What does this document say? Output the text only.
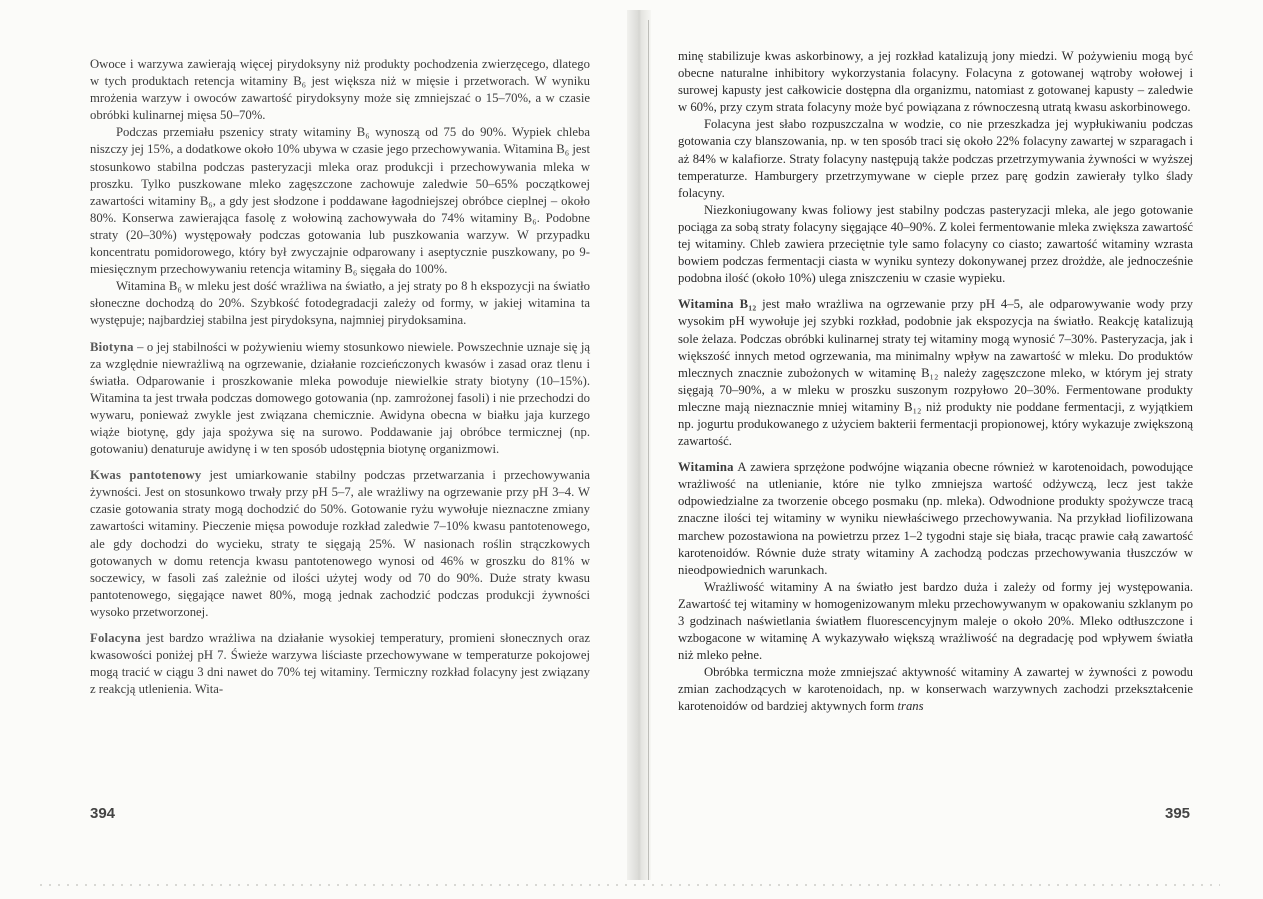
Owoce i warzywa zawierają więcej pirydoksyny niż produkty pochodzenia zwierzęcego, dlatego w tych produktach retencja witaminy B₆ jest większa niż w mięsie i przetworach. W wyniku mrożenia warzyw i owoców zawartość pirydoksyny może się zmniejszać o 15–70%, a w czasie obróbki kulinarnej mięsa 50–70%.

Podczas przemiału pszenicy straty witaminy B₆ wynoszą od 75 do 90%. Wypiek chleba niszczy jej 15%, a dodatkowe około 10% ubywa w czasie jego przechowywania. Witamina B₆ jest stosunkowo stabilna podczas pasteryzacji mleka oraz produkcji i przechowywania mleka w proszku. Tylko puszkowane mleko zagęszczone zachowuje zaledwie 50–65% początkowej zawartości witaminy B₆, a gdy jest słodzone i poddawane łagodniejszej obróbce cieplnej – około 80%. Konserwa zawierająca fasolę z wołowiną zachowywała do 74% witaminy B₆. Podobne straty (20–30%) występowały podczas gotowania lub puszkowania warzyw. W przypadku koncentratu pomidorowego, który był zwyczajnie odparowany i aseptycznie puszkowany, po 9-miesięcznym przechowywaniu retencja witaminy B₆ sięgała do 100%.

Witamina B₆ w mleku jest dość wrażliwa na światło, a jej straty po 8 h ekspozycji na światło słoneczne dochodzą do 20%. Szybkość fotodegradacji zależy od formy, w jakiej witamina ta występuje; najbardziej stabilna jest pirydoksyna, najmniej pirydoksamina.

Biotyna – o jej stabilności w pożywieniu wiemy stosunkowo niewiele. Powszechnie uznaje się ją za względnie niewrażliwą na ogrzewanie, działanie rozcieńczonych kwasów i zasad oraz tlenu i światła. Odparowanie i proszkowanie mleka powoduje niewielkie straty biotyny (10–15%). Witamina ta jest trwała podczas domowego gotowania (np. zamrożonej fasoli) i nie przechodzi do wywaru, ponieważ zwykle jest związana chemicznie. Awidyna obecna w białku jaja kurzego wiąże biotynę, gdy jaja spożywa się na surowo. Poddawanie jaj obróbce termicznej (np. gotowaniu) denaturuje awidynę i w ten sposób udostępnia biotynę organizmowi.

Kwas pantotenowy jest umiarkowanie stabilny podczas przetwarzania i przechowywania żywności. Jest on stosunkowo trwały przy pH 5–7, ale wrażliwy na ogrzewanie przy pH 3–4. W czasie gotowania straty mogą dochodzić do 50%. Gotowanie ryżu wywołuje nieznaczne zmiany zawartości witaminy. Pieczenie mięsa powoduje rozkład zaledwie 7–10% kwasu pantotenowego, ale gdy dochodzi do wycieku, straty te sięgają 25%. W nasionach roślin strączkowych gotowanych w domu retencja kwasu pantotenowego wynosi od 46% w groszku do 81% w soczewicy, w fasoli zaś zależnie od ilości użytej wody od 70 do 90%. Duże straty kwasu pantotenowego, sięgające nawet 80%, mogą jednak zachodzić podczas produkcji żywności wysoko przetworzonej.

Folacyna jest bardzo wrażliwa na działanie wysokiej temperatury, promieni słonecznych oraz kwasowości poniżej pH 7. Świeże warzywa liściaste przechowywane w temperaturze pokojowej mogą tracić w ciągu 3 dni nawet do 70% tej witaminy. Termiczny rozkład folacyny jest związany z reakcją utlenienia. Wita-

394

minę stabilizuje kwas askorbinowy, a jej rozkład katalizują jony miedzi. W pożywieniu mogą być obecne naturalne inhibitory wykorzystania folacyny. Folacyna z gotowanej wątroby wołowej i surowej kapusty jest całkowicie dostępna dla organizmu, natomiast z gotowanej kapusty – zaledwie w 60%, przy czym strata folacyny może być powiązana z równoczesną utratą kwasu askorbinowego.

Folacyna jest słabo rozpuszczalna w wodzie, co nie przeszkadza jej wypłukiwaniu podczas gotowania czy blanszowania, np. w ten sposób traci się około 22% folacyny zawartej w szparagach i aż 84% w kalafiorze. Straty folacyny następują także podczas przetrzymywania żywności w wyższej temperaturze. Hamburgery przetrzymywane w cieple przez parę godzin zawierały tylko ślady folacyny.

Niezkoniugowany kwas foliowy jest stabilny podczas pasteryzacji mleka, ale jego gotowanie pociąga za sobą straty folacyny sięgające 40–90%. Z kolei fermentowanie mleka zwiększa zawartość tej witaminy. Chleb zawiera przeciętnie tyle samo folacyny co ciasto; zawartość witaminy wzrasta bowiem podczas fermentacji ciasta w wyniku syntezy dokonywanej przez drożdże, ale jednocześnie podobna ilość (około 10%) ulega zniszczeniu w czasie wypieku.

Witamina B₁₂ jest mało wrażliwa na ogrzewanie przy pH 4–5, ale odparowywanie wody przy wysokim pH wywołuje jej szybki rozkład, podobnie jak ekspozycja na światło. Reakcję katalizują sole żelaza. Podczas obróbki kulinarnej straty tej witaminy mogą wynosić 7–30%. Pasteryzacja, jak i większość innych metod ogrzewania, ma minimalny wpływ na zawartość w mleku. Do produktów mlecznych znacznie zubożonych w witaminę B₁₂ należy zagęszczone mleko, w którym jej straty sięgają 70–90%, a w mleku w proszku suszonym rozpyłowo 20–30%. Fermentowane produkty mleczne mają nieznacznie mniej witaminy B₁₂ niż produkty nie poddane fermentacji, z wyjątkiem np. jogurtu produkowanego z użyciem bakterii fermentacji propionowej, który wykazuje zwiększoną zawartość.

Witamina A zawiera sprzężone podwójne wiązania obecne również w karotenoidach, powodujące wrażliwość na utlenianie, które nie tylko zmniejsza wartość odżywczą, lecz jest także odpowiedzialne za tworzenie obcego posmaku (np. mleka). Odwodnione produkty spożywcze tracą znaczne ilości tej witaminy w wyniku niewłaściwego przechowywania. Na przykład liofilizowana marchew pozostawiona na powietrzu przez 1–2 tygodni staje się biała, tracąc prawie całą zawartość karotenoidów. Równie duże straty witaminy A zachodzą podczas przechowywania tłuszczów w nieodpowiednich warunkach.

Wrażliwość witaminy A na światło jest bardzo duża i zależy od formy jej występowania. Zawartość tej witaminy w homogenizowanym mleku przechowywanym w opakowaniu szklanym po 3 godzinach naświetlania światłem fluorescencyjnym maleje o około 20%. Mleko odtłuszczone i wzbogacone w witaminę A wykazywało większą wrażliwość na degradację pod wpływem światła niż mleko pełne.

Obróbka termiczna może zmniejszać aktywność witaminy A zawartej w żywności z powodu zmian zachodzących w karotenoidach, np. w konserwach warzywnych zachodzi przekształcenie karotenoidów od bardziej aktywnych form trans

395
